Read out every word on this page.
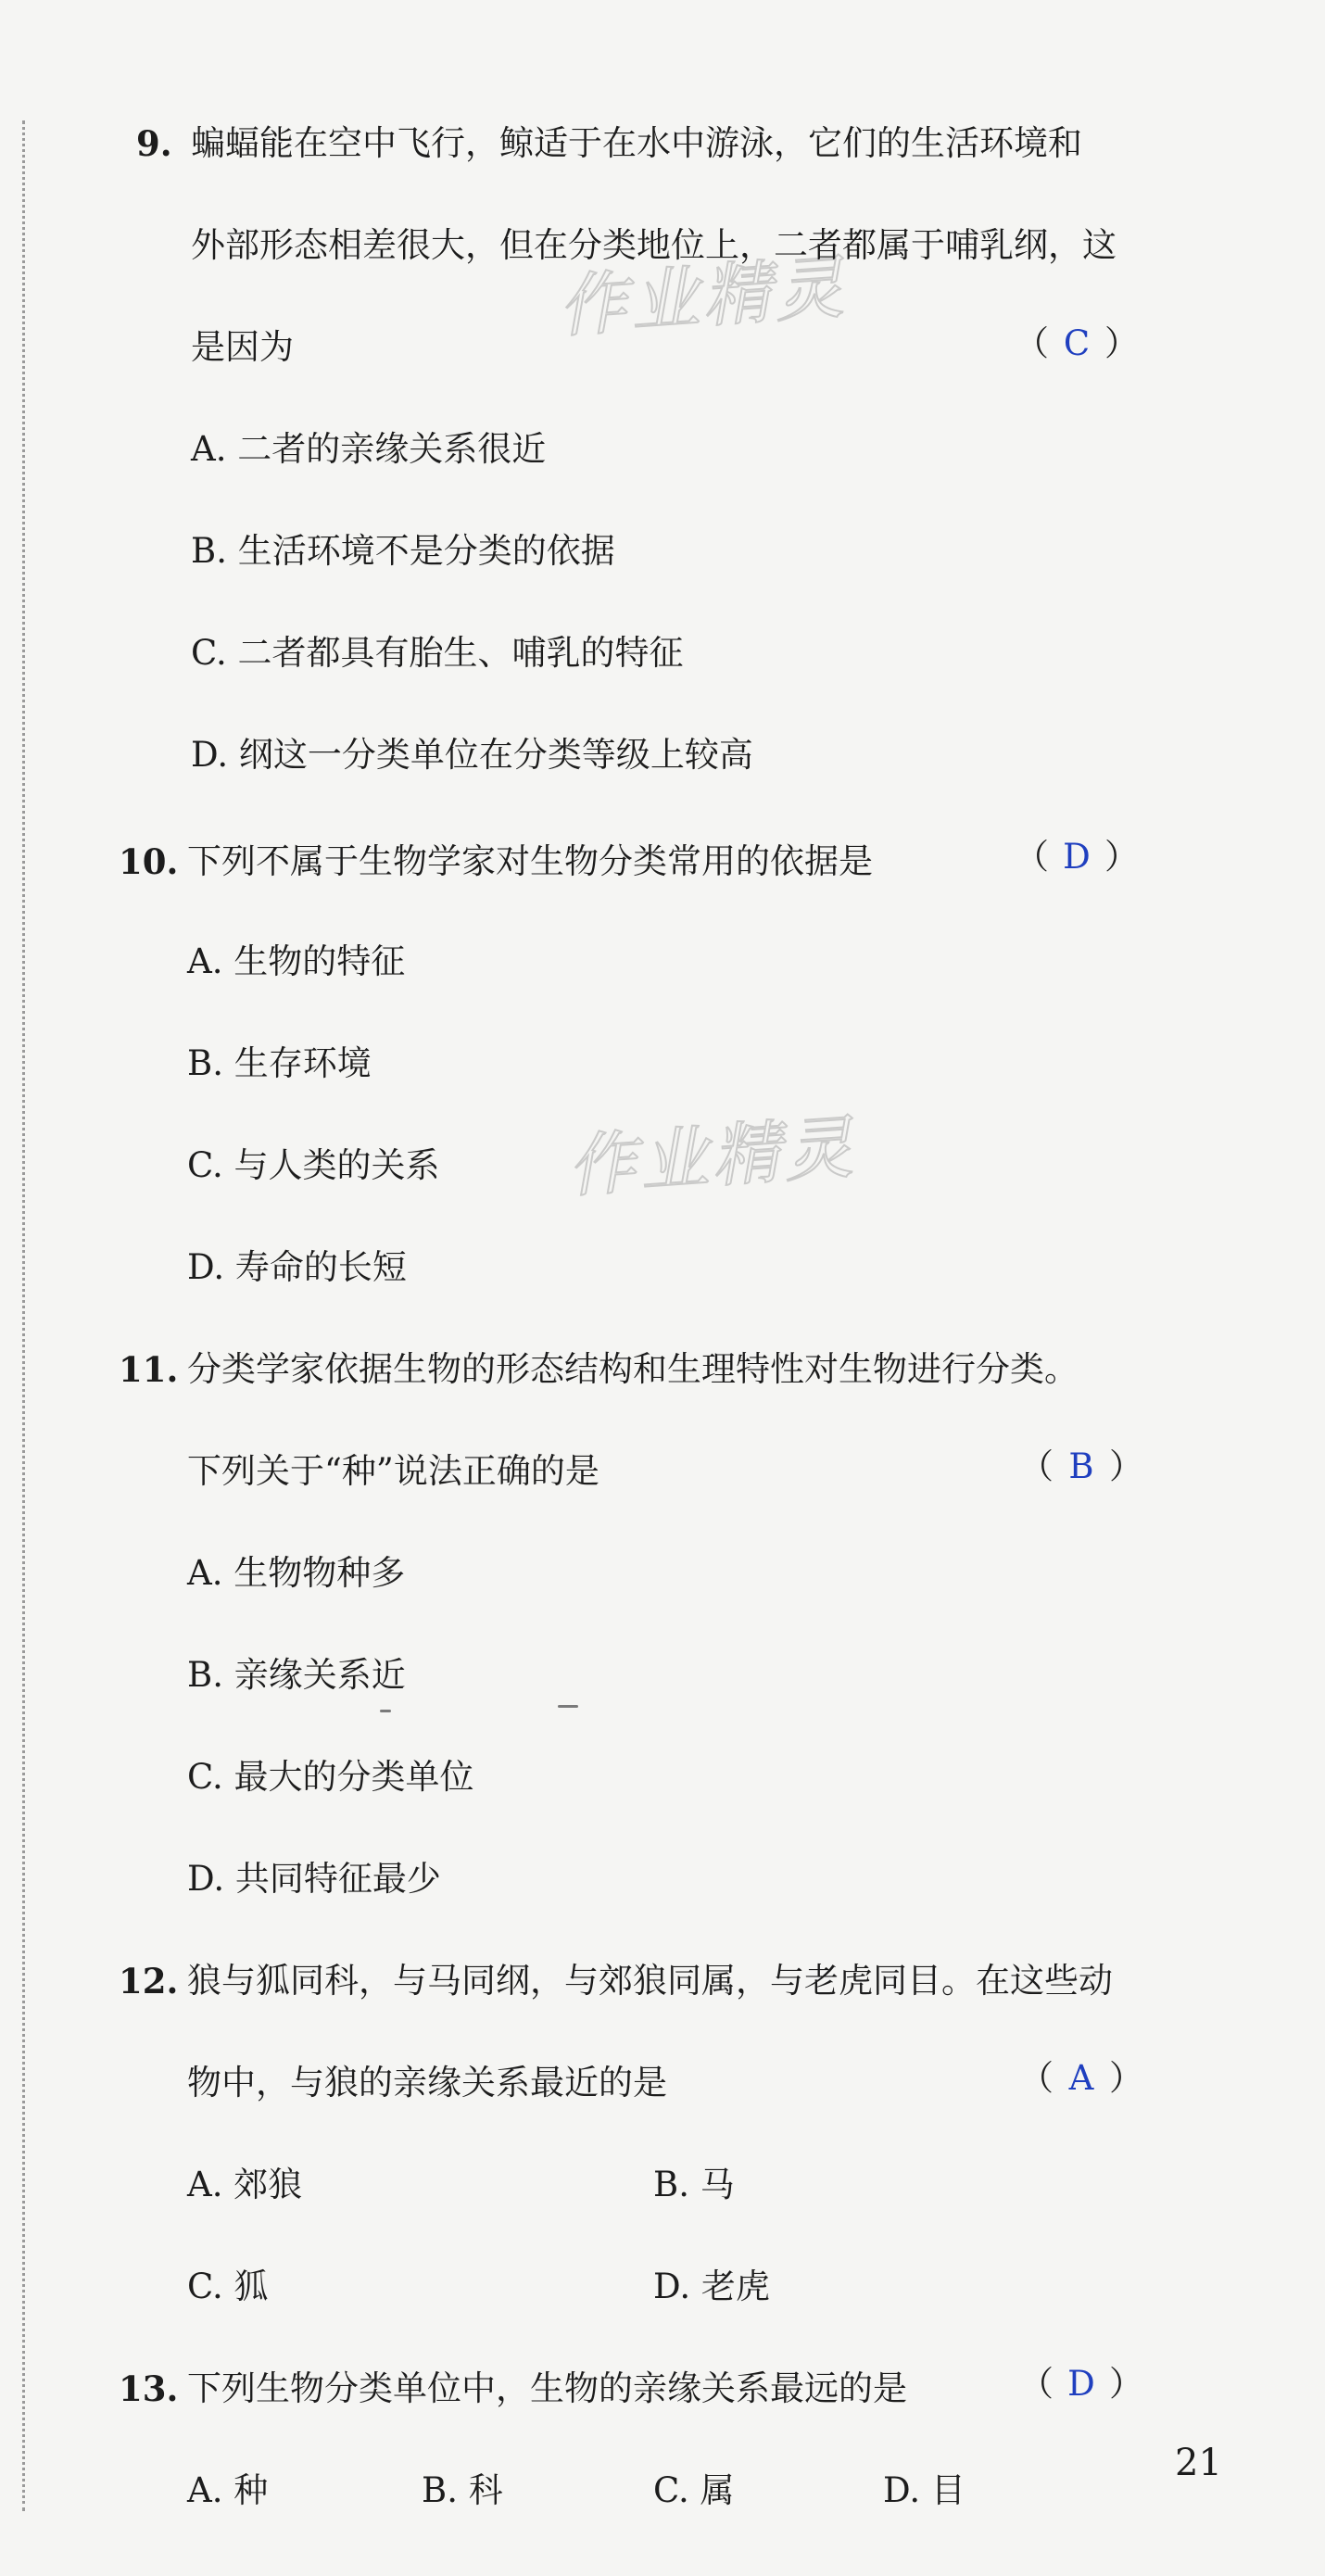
作业精灵
作业精灵
9. 蝙蝠能在空中飞行，鲸适于在水中游泳，它们的生活环境和
外部形态相差很大，但在分类地位上，二者都属于哺乳纲，这
是因为	（ C ）
A. 二者的亲缘关系很近
B. 生活环境不是分类的依据
C. 二者都具有胎生、哺乳的特征
D. 纲这一分类单位在分类等级上较高
10. 下列不属于生物学家对生物分类常用的依据是	（ D ）
A. 生物的特征
B. 生存环境
C. 与人类的关系
D. 寿命的长短
11. 分类学家依据生物的形态结构和生理特性对生物进行分类。
下列关于“种”说法正确的是	（ B ）
A. 生物物种多
B. 亲缘关系近
C. 最大的分类单位
D. 共同特征最少
12. 狼与狐同科，与马同纲，与郊狼同属，与老虎同目。在这些动
物中，与狼的亲缘关系最近的是	（ A ）
A. 郊狼	B. 马
C. 狐	D. 老虎
13. 下列生物分类单位中，生物的亲缘关系最远的是	（ D ）
A. 种	B. 科	C. 属	D. 目
21
